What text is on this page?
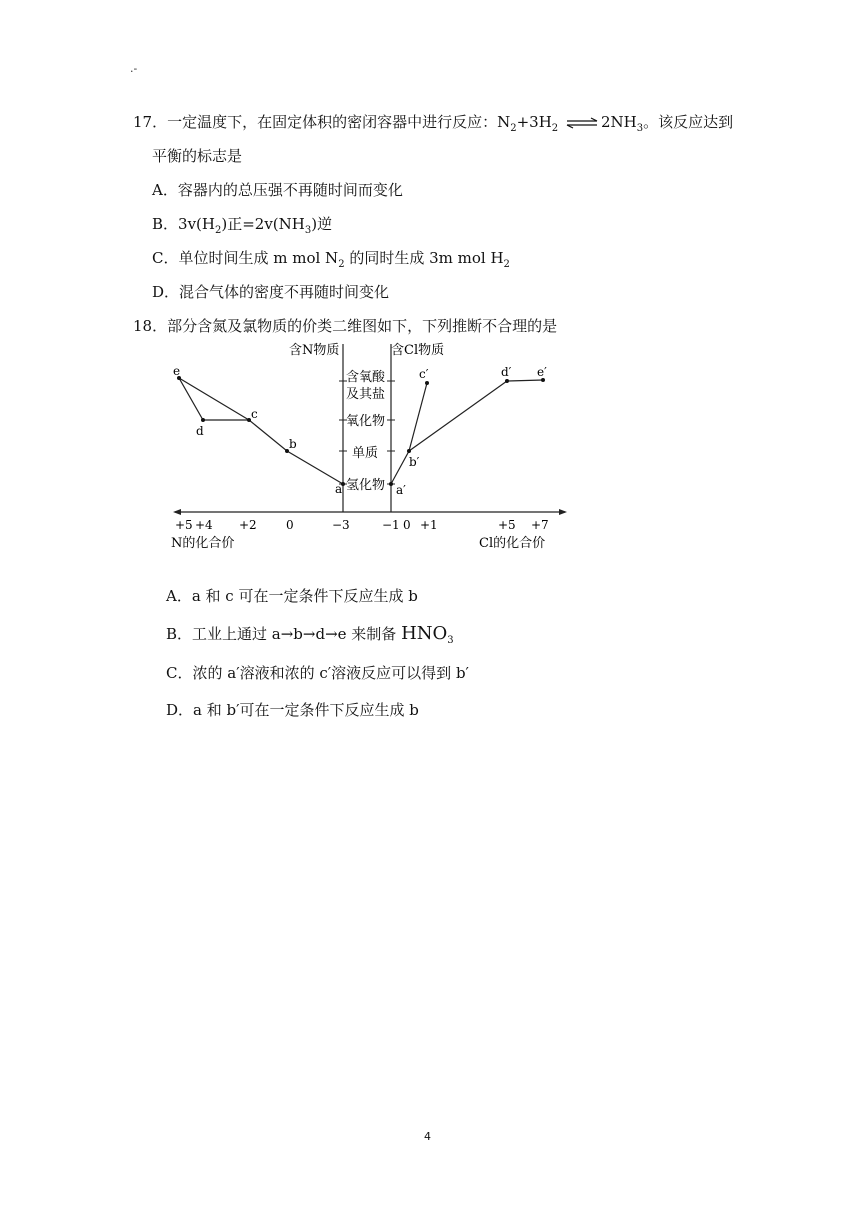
.-
17．一定温度下，在固定体积的密闭容器中进行反应：$N_2+3H_2$ ⇌ $2NH_3$。该反应达到
平衡的标志是
A．容器内的总压强不再随时间而变化
B．$3v(H_2)$正$=2v(NH_3)$逆
C．单位时间生成 m mol $N_2$ 的同时生成 3m mol $H_2$
D．混合气体的密度不再随时间变化
18．部分含氮及氯物质的价类二维图如下，下列推断不合理的是
含N物质	含Cl物质
含氧酸
及其盐
氧化物
单质
氢化物
+5 +4 +2 0	−3	−1 0 +1	+5 +7
N的化合价	Cl的化合价
e
d
c
b
a
c′	d′ e′
b′
a′
A．a 和 c 可在一定条件下反应生成 b
B．工业上通过 a→b→d→e 来制备 $HNO_3$
C．浓的 a′溶液和浓的 c′溶液反应可以得到 b′
D．a 和 b′可在一定条件下反应生成 b
4
